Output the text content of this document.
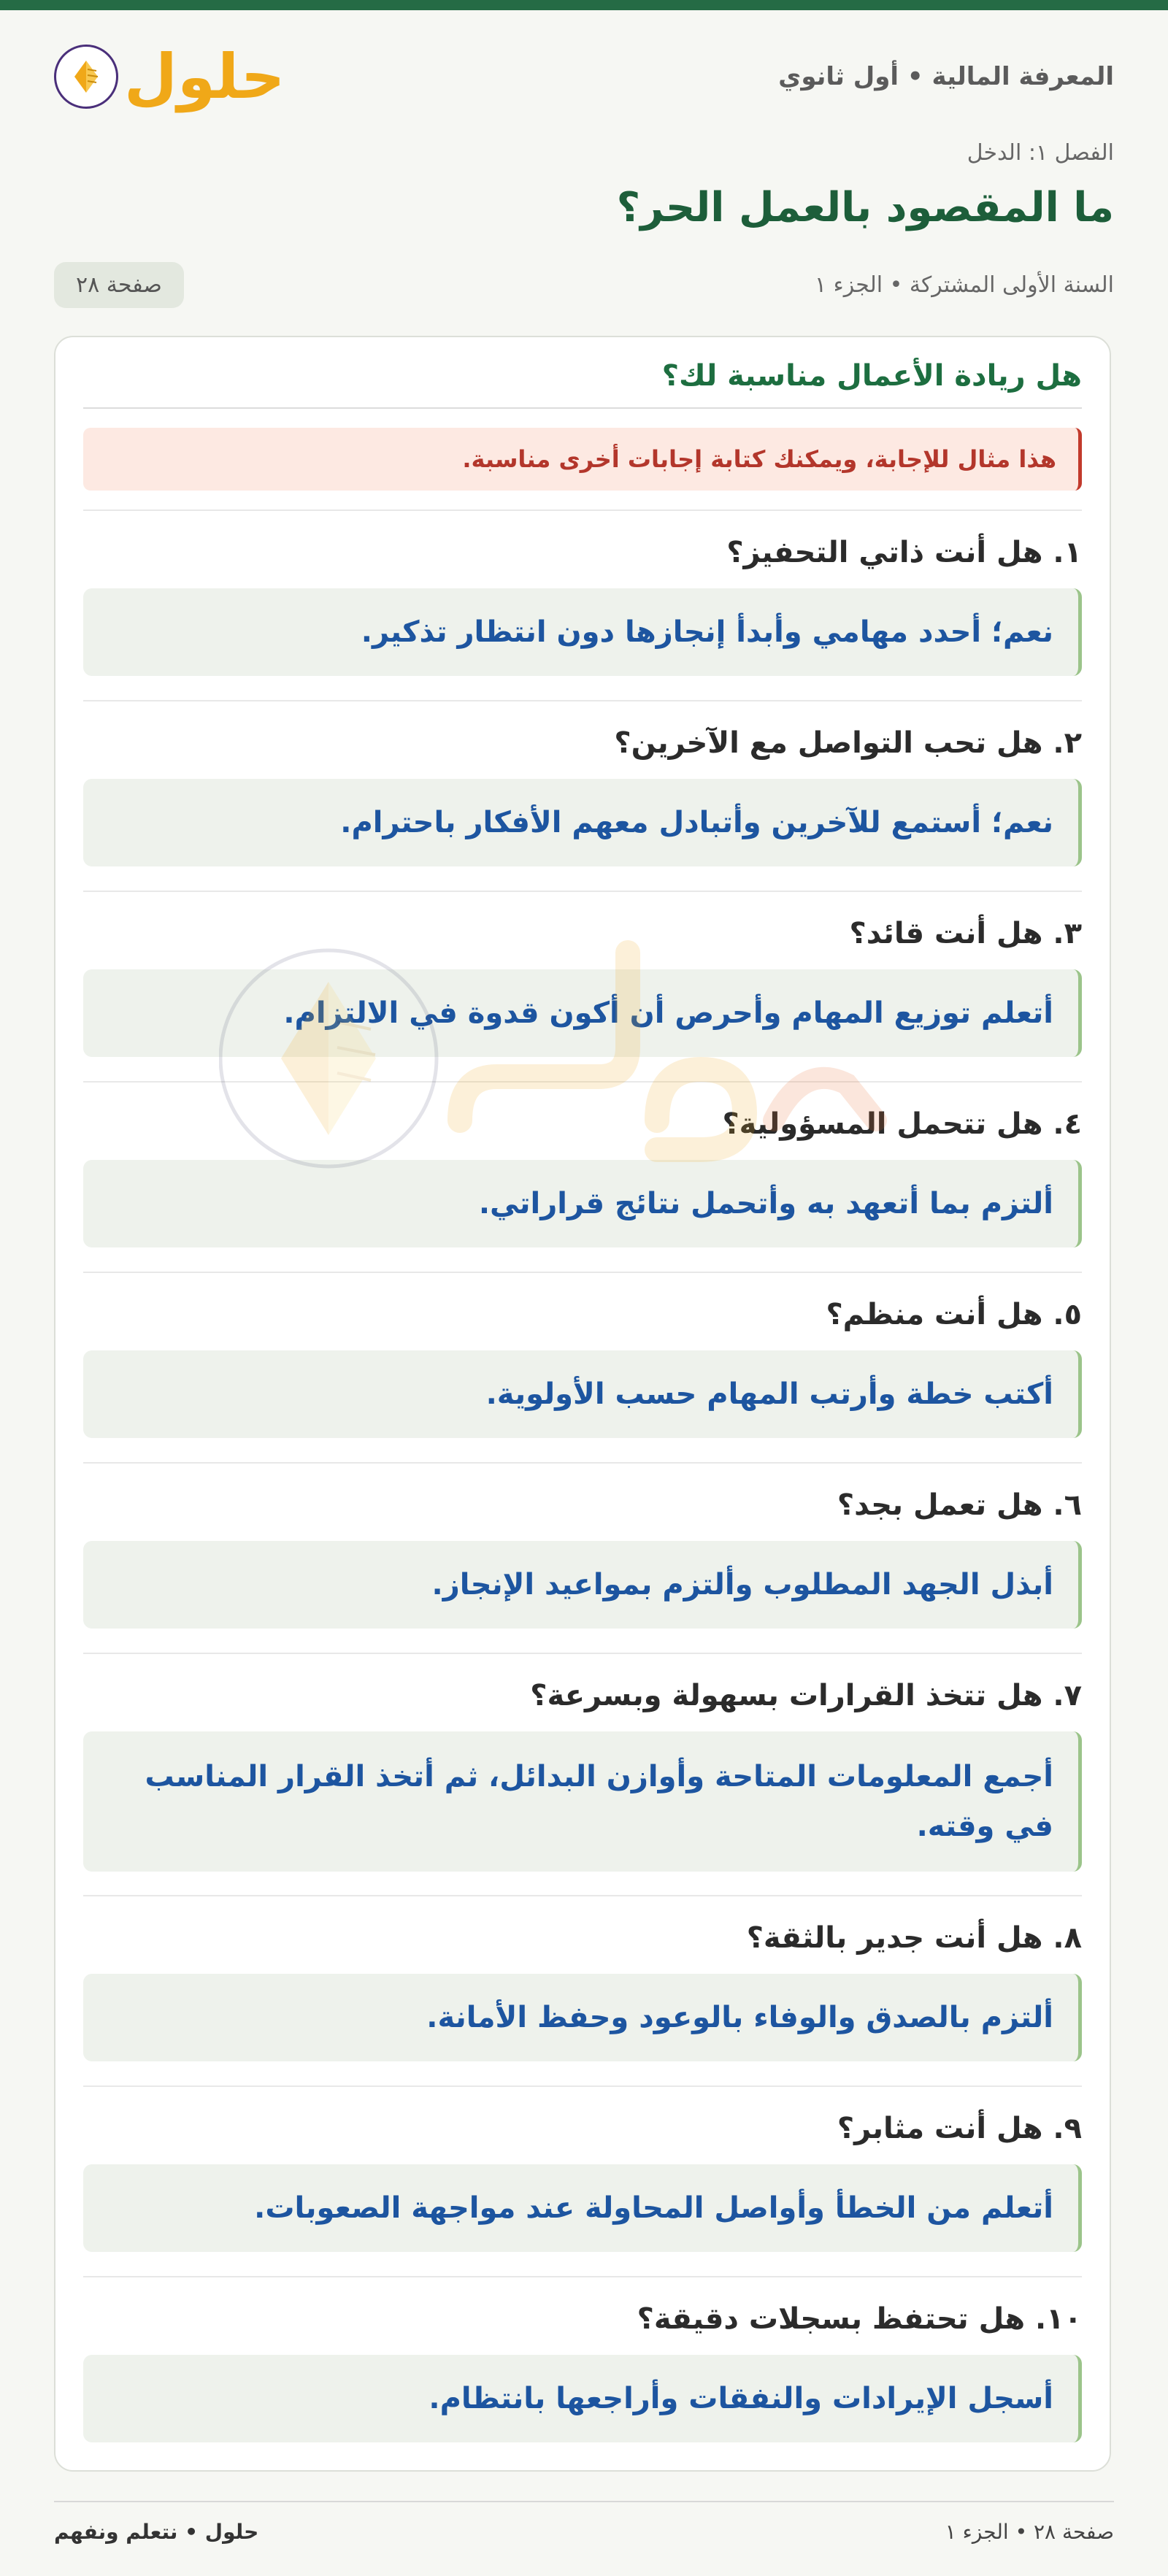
المعرفة المالية • أول ثانوي
حلول
الفصل ١: الدخل
ما المقصود بالعمل الحر؟
السنة الأولى المشتركة • الجزء ١
صفحة ٢٨
هل ريادة الأعمال مناسبة لك؟
هذا مثال للإجابة، ويمكنك كتابة إجابات أخرى مناسبة.
١. هل أنت ذاتي التحفيز؟
نعم؛ أحدد مهامي وأبدأ إنجازها دون انتظار تذكير.
٢. هل تحب التواصل مع الآخرين؟
نعم؛ أستمع للآخرين وأتبادل معهم الأفكار باحترام.
٣. هل أنت قائد؟
أتعلم توزيع المهام وأحرص أن أكون قدوة في الالتزام.
٤. هل تتحمل المسؤولية؟
ألتزم بما أتعهد به وأتحمل نتائج قراراتي.
٥. هل أنت منظم؟
أكتب خطة وأرتب المهام حسب الأولوية.
٦. هل تعمل بجد؟
أبذل الجهد المطلوب وألتزم بمواعيد الإنجاز.
٧. هل تتخذ القرارات بسهولة وبسرعة؟
أجمع المعلومات المتاحة وأوازن البدائل، ثم أتخذ القرار المناسب في وقته.
٨. هل أنت جدير بالثقة؟
ألتزم بالصدق والوفاء بالوعود وحفظ الأمانة.
٩. هل أنت مثابر؟
أتعلم من الخطأ وأواصل المحاولة عند مواجهة الصعوبات.
١٠. هل تحتفظ بسجلات دقيقة؟
أسجل الإيرادات والنفقات وأراجعها بانتظام.
صفحة ٢٨ • الجزء ١
حلول • نتعلم ونفهم
